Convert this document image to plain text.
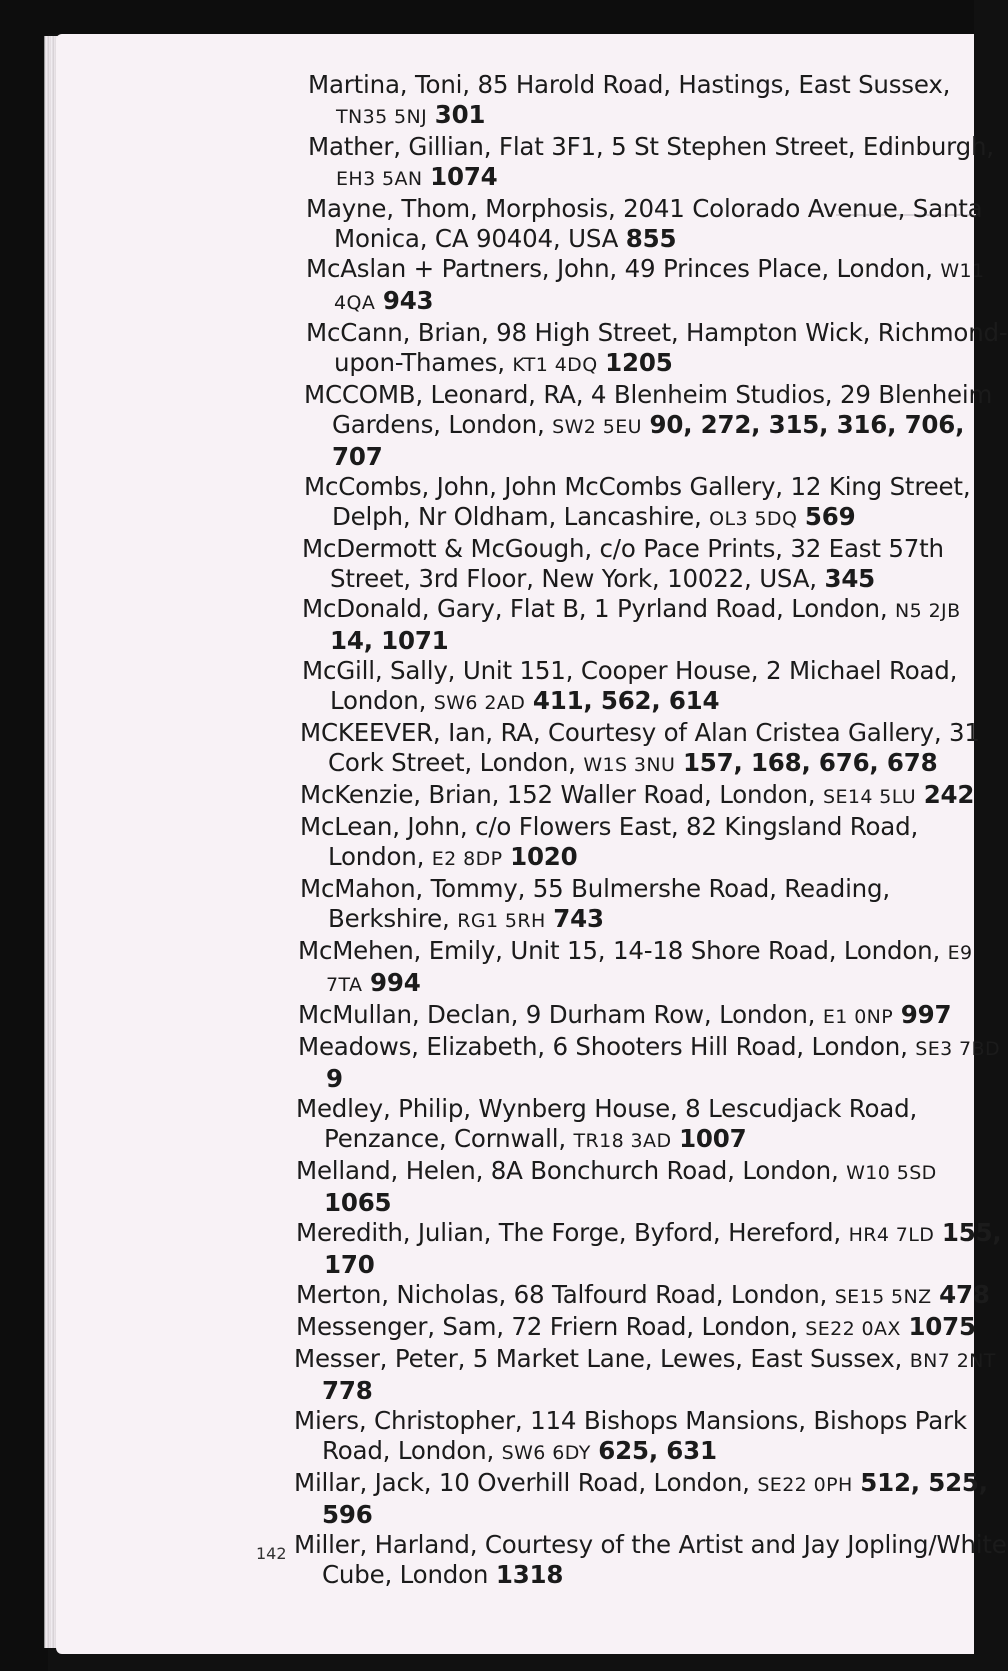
Martina, Toni, 85 Harold Road, Hastings, East Sussex, TN35 5NJ 301
Mather, Gillian, Flat 3F1, 5 St Stephen Street, Edinburgh, EH3 5AN 1074
Mayne, Thom, Morphosis, 2041 Colorado Avenue, Santa Monica, CA 90404, USA 855
McAslan + Partners, John, 49 Princes Place, London, W11 4QA 943
McCann, Brian, 98 High Street, Hampton Wick, Richmond-upon-Thames, KT1 4DQ 1205
MCCOMB, Leonard, RA, 4 Blenheim Studios, 29 Blenheim Gardens, London, SW2 5EU 90, 272, 315, 316, 706, 707
McCombs, John, John McCombs Gallery, 12 King Street, Delph, Nr Oldham, Lancashire, OL3 5DQ 569
McDermott & McGough, c/o Pace Prints, 32 East 57th Street, 3rd Floor, New York, 10022, USA, 345
McDonald, Gary, Flat B, 1 Pyrland Road, London, N5 2JB 14, 1071
McGill, Sally, Unit 151, Cooper House, 2 Michael Road, London, SW6 2AD 411, 562, 614
MCKEEVER, Ian, RA, Courtesy of Alan Cristea Gallery, 31 Cork Street, London, W1S 3NU 157, 168, 676, 678
McKenzie, Brian, 152 Waller Road, London, SE14 5LU 242
McLean, John, c/o Flowers East, 82 Kingsland Road, London, E2 8DP 1020
McMahon, Tommy, 55 Bulmershe Road, Reading, Berkshire, RG1 5RH 743
McMehen, Emily, Unit 15, 14-18 Shore Road, London, E9 7TA 994
McMullan, Declan, 9 Durham Row, London, E1 0NP 997
Meadows, Elizabeth, 6 Shooters Hill Road, London, SE3 7BD 9
Medley, Philip, Wynberg House, 8 Lescudjack Road, Penzance, Cornwall, TR18 3AD 1007
Melland, Helen, 8A Bonchurch Road, London, W10 5SD 1065
Meredith, Julian, The Forge, Byford, Hereford, HR4 7LD 155, 170
Merton, Nicholas, 68 Talfourd Road, London, SE15 5NZ 478
Messenger, Sam, 72 Friern Road, London, SE22 0AX 1075
Messer, Peter, 5 Market Lane, Lewes, East Sussex, BN7 2NT 778
Miers, Christopher, 114 Bishops Mansions, Bishops Park Road, London, SW6 6DY 625, 631
Millar, Jack, 10 Overhill Road, London, SE22 0PH 512, 525, 596
Miller, Harland, Courtesy of the Artist and Jay Jopling/White Cube, London 1318
142
